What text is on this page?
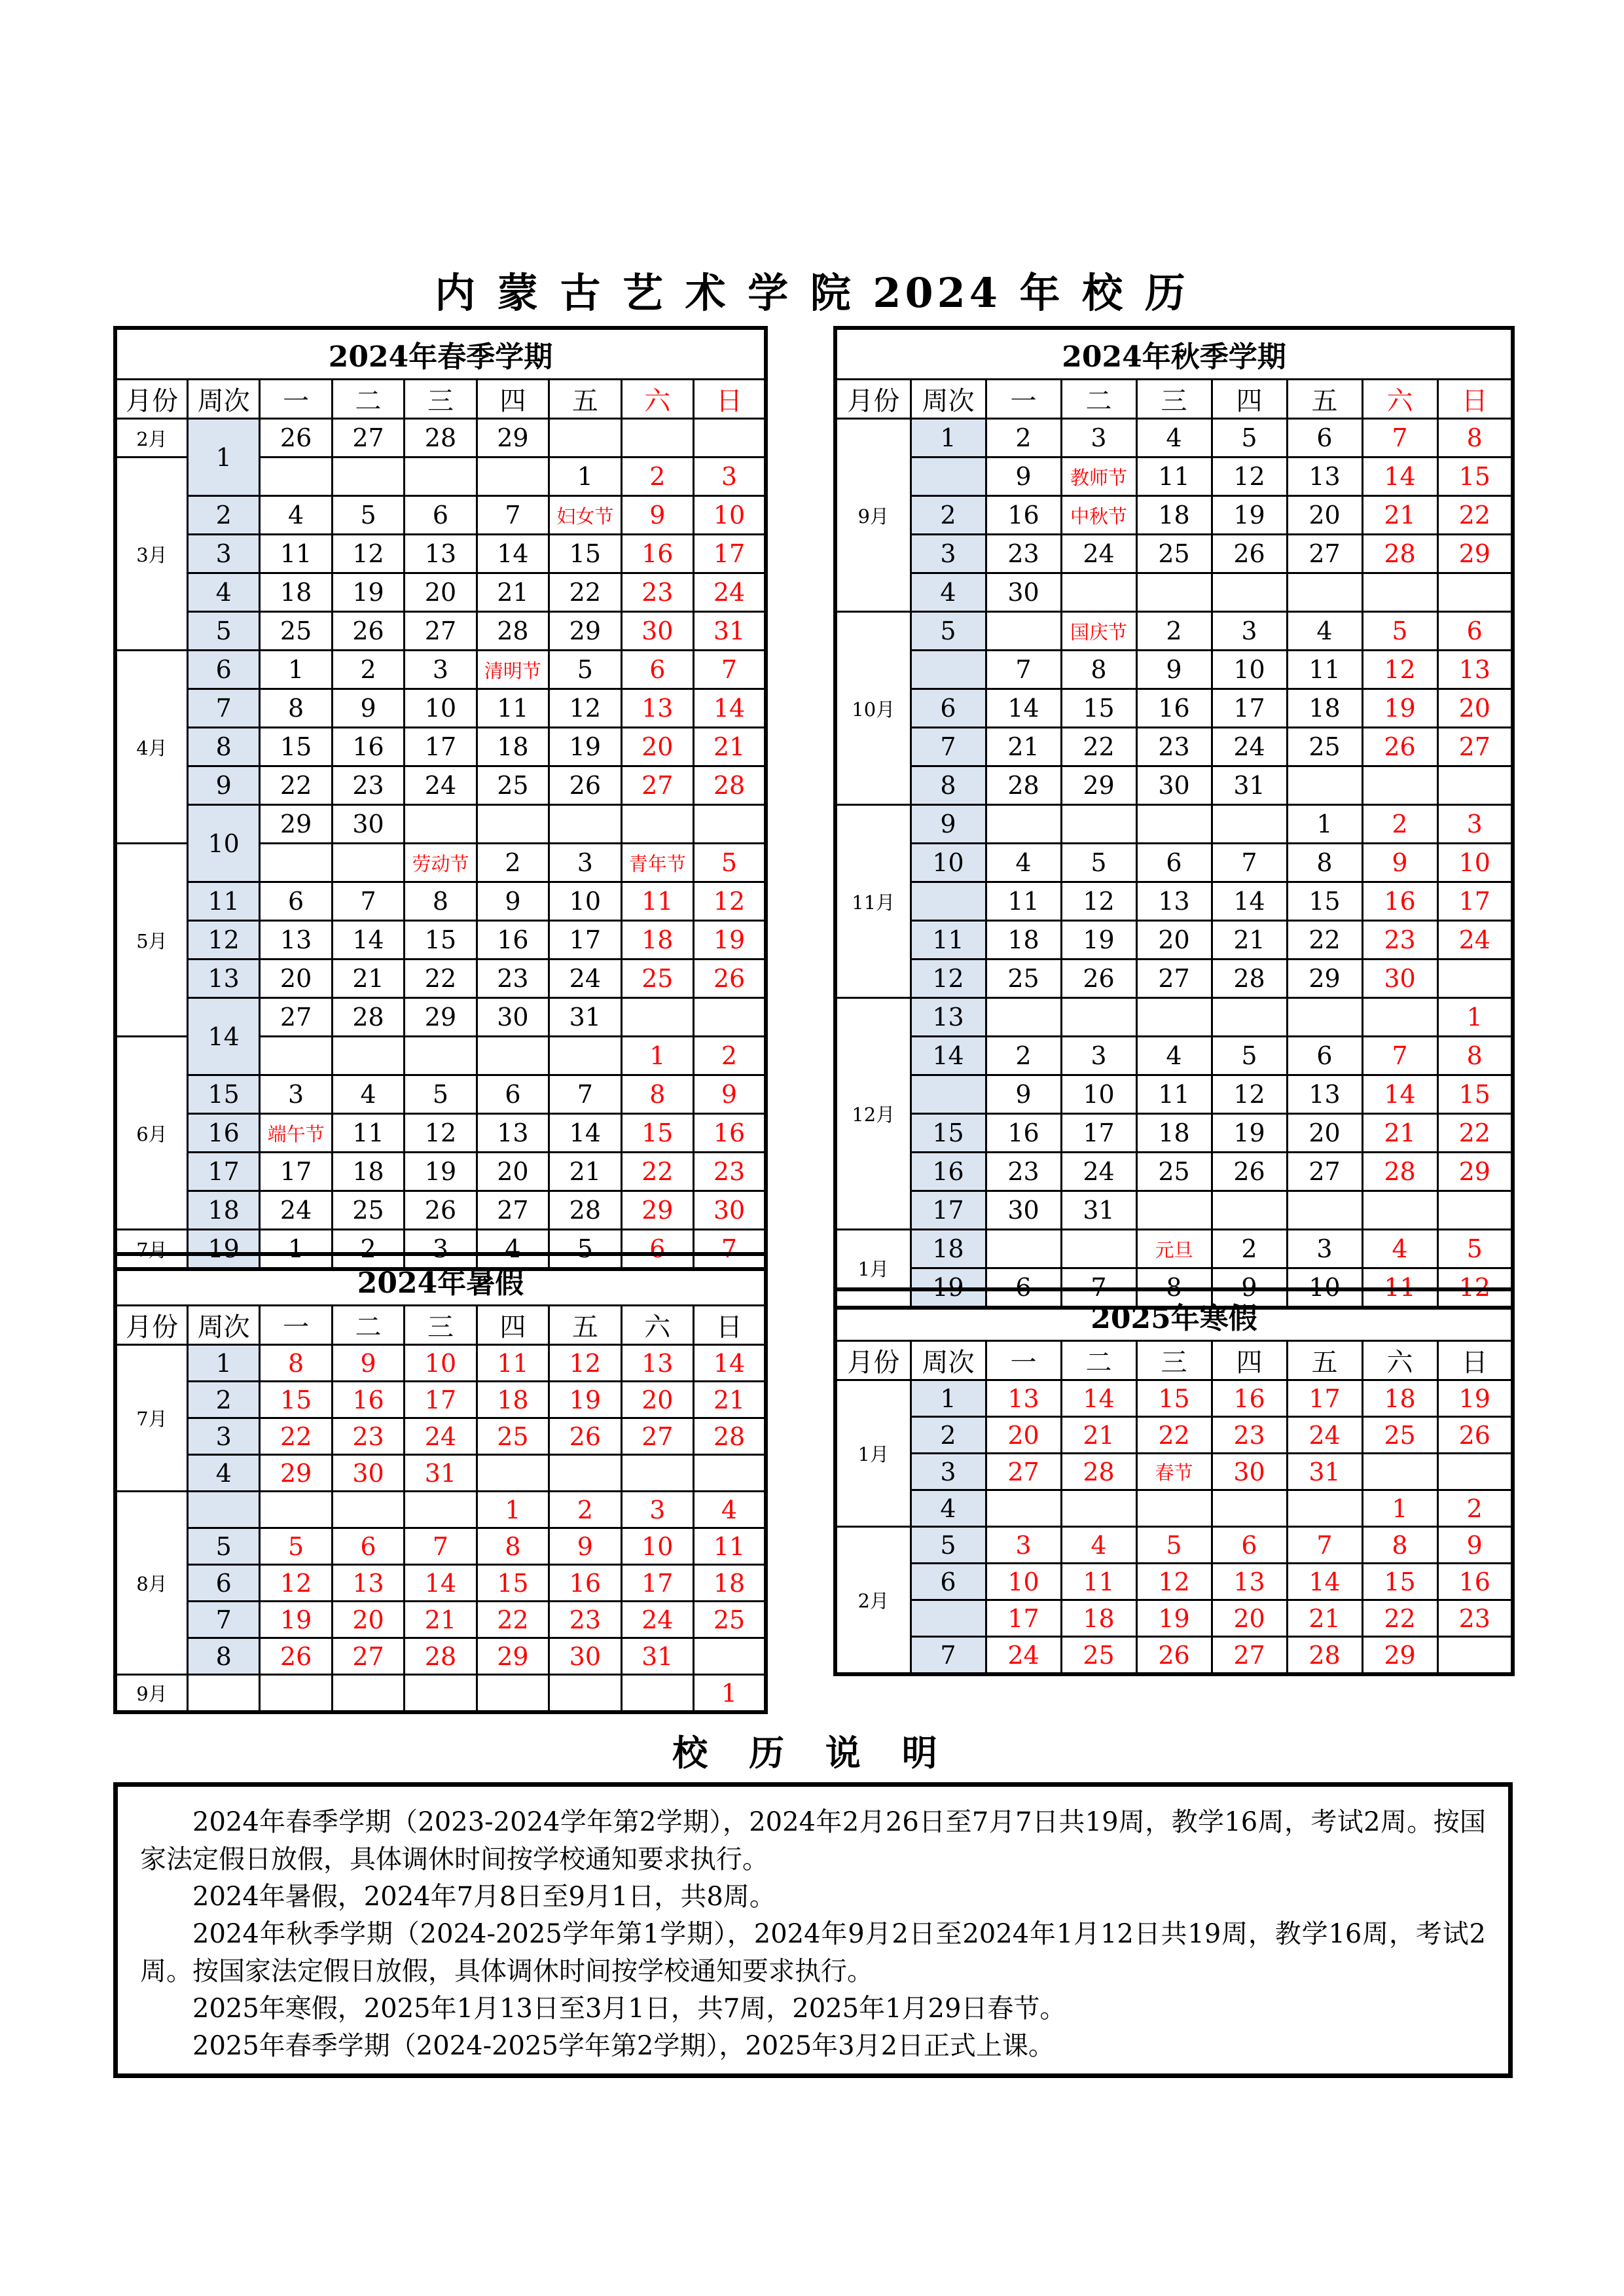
内 蒙 古 艺 术 学 院 2024 年 校 历
2024年春季学期								
月份	周次	一	二	三	四	五	六	日
2月	1	26	27	28	29			
3月						1	2	3
	2	4	5	6	7	妇女节	9	10
	3	11	12	13	14	15	16	17
	4	18	19	20	21	22	23	24
	5	25	26	27	28	29	30	31
4月	6	1	2	3	清明节	5	6	7
	7	8	9	10	11	12	13	14
	8	15	16	17	18	19	20	21
	9	22	23	24	25	26	27	28
	10	29	30					
5月				劳动节	2	3	青年节	5
	11	6	7	8	9	10	11	12
	12	13	14	15	16	17	18	19
	13	20	21	22	23	24	25	26
	14	27	28	29	30	31		
6月							1	2
	15	3	4	5	6	7	8	9
	16	端午节	11	12	13	14	15	16
	17	17	18	19	20	21	22	23
	18	24	25	26	27	28	29	30
7月	19	1	2	3	4	5	6	7
2024年秋季学期								
月份	周次	一	二	三	四	五	六	日
9月	1	2	3	4	5	6	7	8
		9	教师节	11	12	13	14	15
	2	16	中秋节	18	19	20	21	22
	3	23	24	25	26	27	28	29
	4	30						
10月	5		国庆节	2	3	4	5	6
		7	8	9	10	11	12	13
	6	14	15	16	17	18	19	20
	7	21	22	23	24	25	26	27
	8	28	29	30	31			
11月	9					1	2	3
	10	4	5	6	7	8	9	10
		11	12	13	14	15	16	17
	11	18	19	20	21	22	23	24
	12	25	26	27	28	29	30	
12月	13							1
	14	2	3	4	5	6	7	8
		9	10	11	12	13	14	15
	15	16	17	18	19	20	21	22
	16	23	24	25	26	27	28	29
	17	30	31					
1月	18			元旦	2	3	4	5
	19	6	7	8	9	10	11	12
2024年暑假								
月份	周次	一	二	三	四	五	六	日
7月	1	8	9	10	11	12	13	14
	2	15	16	17	18	19	20	21
	3	22	23	24	25	26	27	28
	4	29	30	31				
8月					1	2	3	4
	5	5	6	7	8	9	10	11
	6	12	13	14	15	16	17	18
	7	19	20	21	22	23	24	25
	8	26	27	28	29	30	31	
9月								1
2025年寒假								
月份	周次	一	二	三	四	五	六	日
1月	1	13	14	15	16	17	18	19
	2	20	21	22	23	24	25	26
	3	27	28	春节	30	31		
	4						1	2
2月	5	3	4	5	6	7	8	9
	6	10	11	12	13	14	15	16
		17	18	19	20	21	22	23
	7	24	25	26	27	28	29	
校 历 说 明

2024年春季学期（2023-2024学年第2学期），2024年2月26日至7月7日共19周，教学16周，考试2周。按国家法定假日放假，具体调休时间按学校通知要求执行。

2024年暑假，2024年7月8日至9月1日，共8周。

2024年秋季学期（2024-2025学年第1学期），2024年9月2日至2024年1月12日共19周，教学16周，考试2周。按国家法定假日放假，具体调休时间按学校通知要求执行。

2025年寒假，2025年1月13日至3月1日，共7周，2025年1月29日春节。

2025年春季学期（2024-2025学年第2学期），2025年3月2日正式上课。
